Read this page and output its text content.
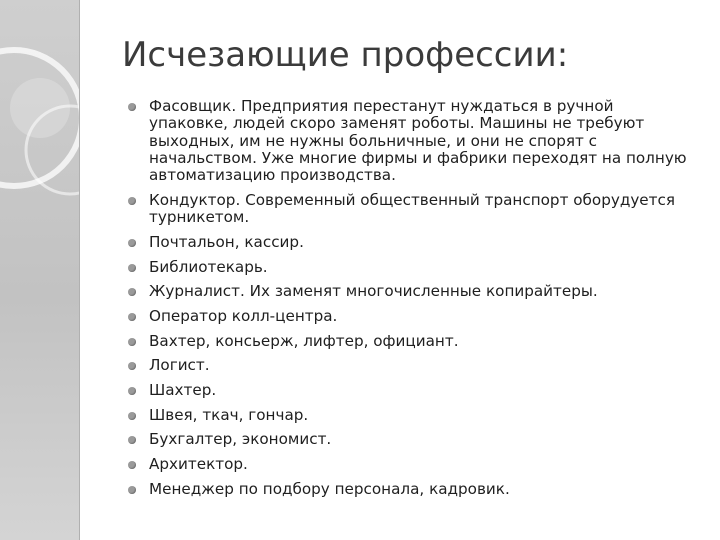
Исчезающие профессии:
Фасовщик. Предприятия перестанут нуждаться в ручной упаковке, людей скоро заменят роботы. Машины не требуют выходных, им не нужны больничные, и они не спорят с начальством. Уже многие фирмы и фабрики переходят на полную автоматизацию производства.
Кондуктор. Современный общественный транспорт оборудуется турникетом.
Почтальон, кассир.
Библиотекарь.
Журналист. Их заменят многочисленные копирайтеры.
Оператор колл-центра.
Вахтер, консьерж, лифтер, официант.
Логист.
Шахтер.
Швея, ткач, гончар.
Бухгалтер, экономист.
Архитектор.
Менеджер по подбору персонала, кадровик.
